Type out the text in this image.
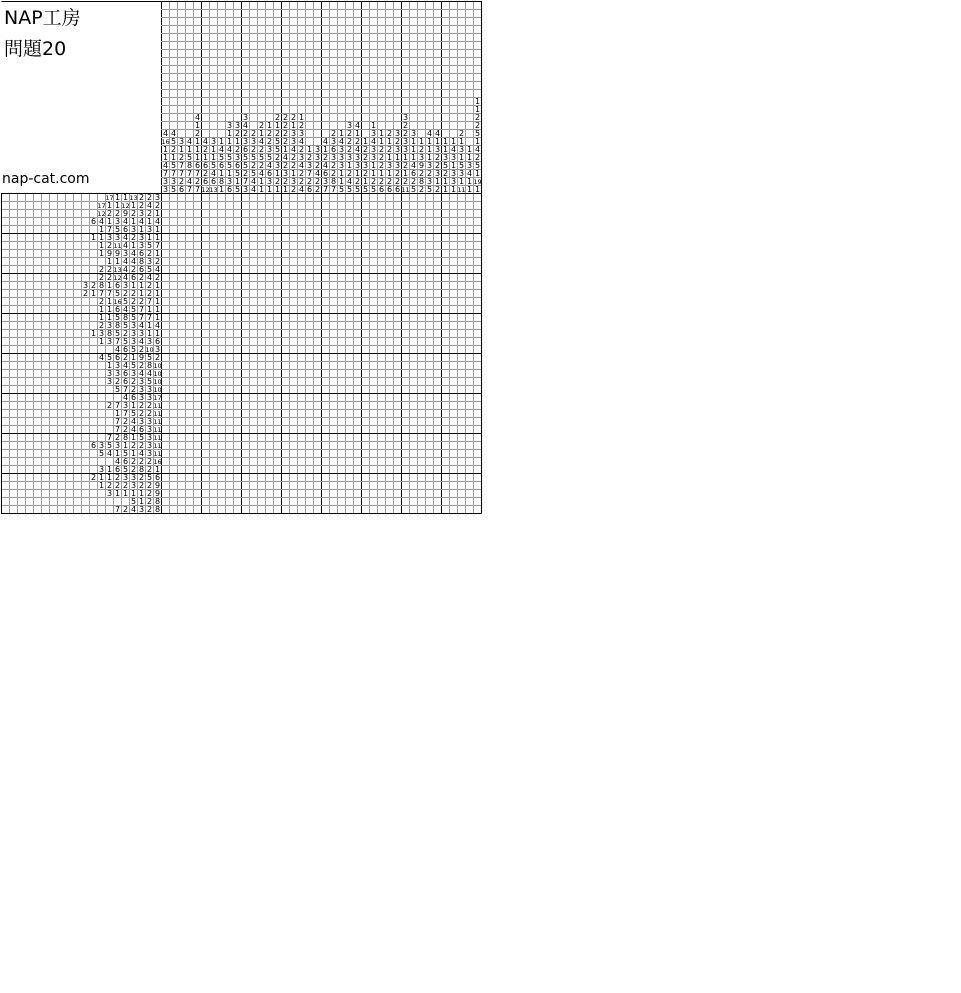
NAP工房
問題20
nap-cat.com
4
16
1
1
4
7
3
3
4
5
2
1
5
7
3
5
3
1
2
7
7
2
6
4
1
5
8
7
4
7
4
1
2
1
1
1
6
7
2
7
4
2
1
6
2
6
12
3
1
1
5
4
6
13
1
4
5
6
1
8
1
3
1
1
4
5
5
1
3
6
3
2
1
2
3
6
5
1
5
3
4
2
3
6
5
5
2
7
3
2
3
2
5
2
5
4
4
2
1
4
2
5
2
4
1
1
1
2
2
3
5
4
6
3
1
2
1
2
5
5
2
3
1
2
1
2
2
2
2
1
4
2
3
2
1
2
1
3
3
4
2
2
1
3
2
1
2
3
4
2
3
4
2
2
4
1
2
3
7
2
6
3
3
2
4
2
2
4
1
2
4
6
3
7
2
3
6
3
2
2
8
7
1
4
3
3
3
1
1
5
3
2
2
2
3
1
2
4
5
4
1
2
4
3
3
1
2
5
1
2
2
3
2
1
5
1
3
4
3
3
1
1
2
5
1
1
2
2
2
1
2
6
2
1
2
1
3
1
2
6
3
2
3
1
3
2
2
6
3
2
2
3
3
1
2
1
2
11
3
1
1
1
4
6
2
5
1
2
3
9
2
8
2
4
1
1
1
3
2
3
5
4
1
3
2
2
3
1
2
1
1
3
5
2
1
1
1
4
3
1
3
3
1
2
1
3
1
5
3
1
11
1
1
3
4
1
1
1
1
2
2
5
1
4
2
5
1
19
1
17 1 1 13 2 2 3
17 1 1 12 1 2 4 2
12 2 2 9 2 3 2 1
6 4 1 3 4 1 4 1 4
1 7 5 6 3 1 3 1
1 1 3 3 4 2 3 1 1
1 2 11 4 1 3 5 7
1 9 9 3 4 6 2 1
1 1 4 4 8 3 2
2 2 13 4 2 6 5 4
2 2 12 4 6 2 4 2
3 2 8 1 6 3 1 1 2 1
2 1 7 7 5 2 2 1 2 1
2 1 16 5 2 2 7 1
1 1 6 4 5 7 1 1
1 1 5 8 5 7 7 1
2 3 8 5 3 4 1 4
1 3 8 5 2 3 3 1 1
1 3 7 5 3 4 3 6
4 6 5 2 10 3
4 5 6 2 1 9 5 2
1 3 4 5 2 8 10
3 3 6 3 4 4 10
3 2 6 2 3 5 10
5 7 2 3 3 10
4 6 3 3 17
2 7 3 1 2 2 11
1 7 5 2 2 11
7 2 4 3 3 11
7 2 4 6 3 11
7 2 8 1 5 3 11
6 3 5 3 1 2 2 3 11
5 4 1 5 1 4 3 11
4 6 2 2 2 16
3 1 6 5 2 8 2 1
2 1 1 2 3 3 2 5 6
1 2 2 2 3 2 2 9
3 1 1 1 1 2 9
5 1 2 8
7 2 4 3 2 8
